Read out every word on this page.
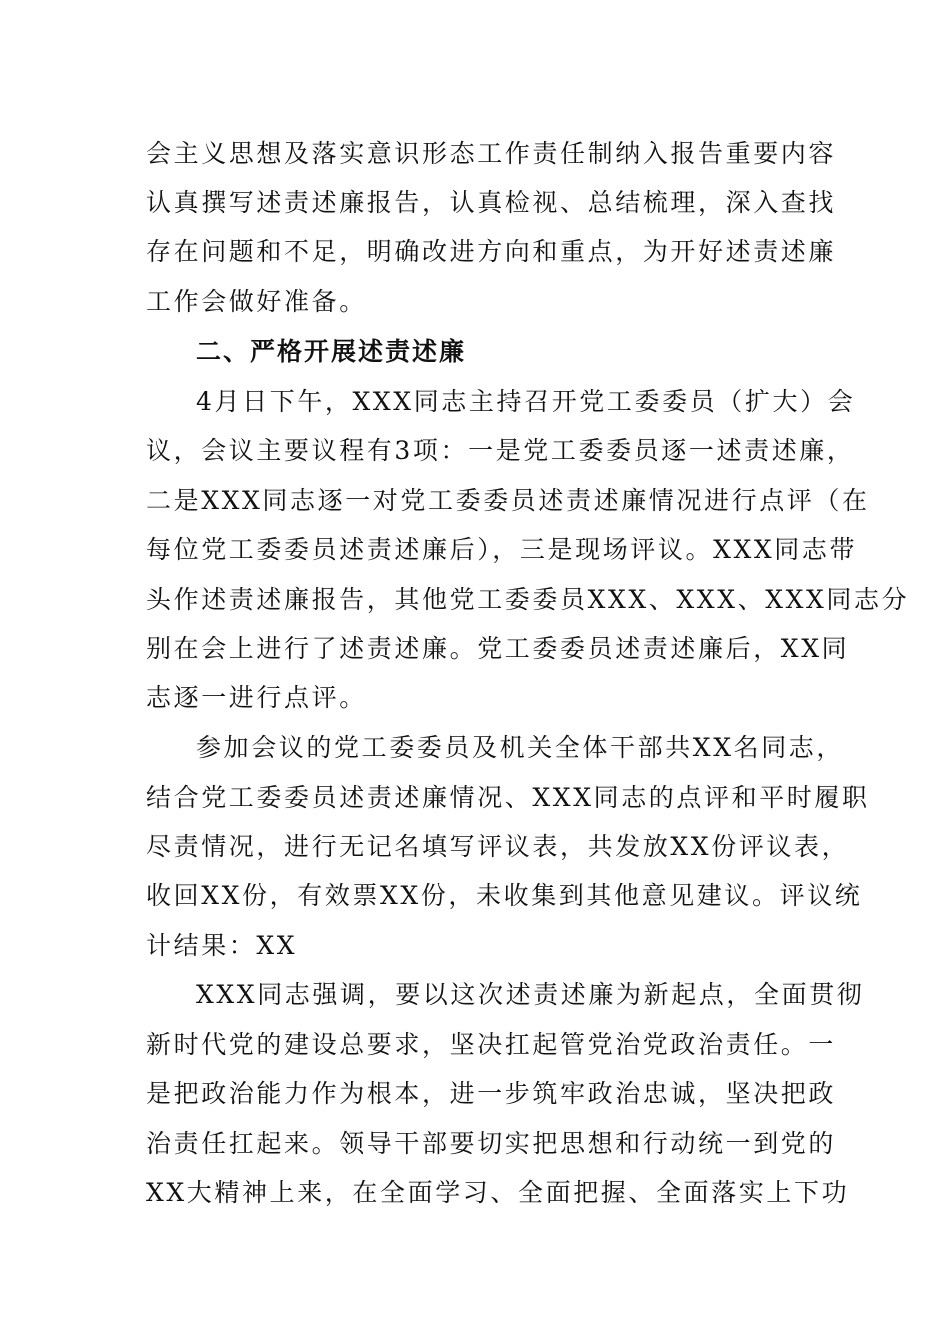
会主义思想及落实意识形态工作责任制纳入报告重要内容
认真撰写述责述廉报告，认真检视、总结梳理，深入查找
存在问题和不足，明确改进方向和重点，为开好述责述廉
工作会做好准备。
二、严格开展述责述廉
4月日下午，XXX同志主持召开党工委委员（扩大）会
议，会议主要议程有3项：一是党工委委员逐一述责述廉，
二是XXX同志逐一对党工委委员述责述廉情况进行点评（在
每位党工委委员述责述廉后），三是现场评议。XXX同志带
头作述责述廉报告，其他党工委委员XXX、XXX、XXX同志分
别在会上进行了述责述廉。党工委委员述责述廉后，XX同
志逐一进行点评。
参加会议的党工委委员及机关全体干部共XX名同志，
结合党工委委员述责述廉情况、XXX同志的点评和平时履职
尽责情况，进行无记名填写评议表，共发放XX份评议表，
收回XX份，有效票XX份，未收集到其他意见建议。评议统
计结果：XX
XXX同志强调，要以这次述责述廉为新起点，全面贯彻
新时代党的建设总要求，坚决扛起管党治党政治责任。一
是把政治能力作为根本，进一步筑牢政治忠诚，坚决把政
治责任扛起来。领导干部要切实把思想和行动统一到党的
XX大精神上来，在全面学习、全面把握、全面落实上下功
